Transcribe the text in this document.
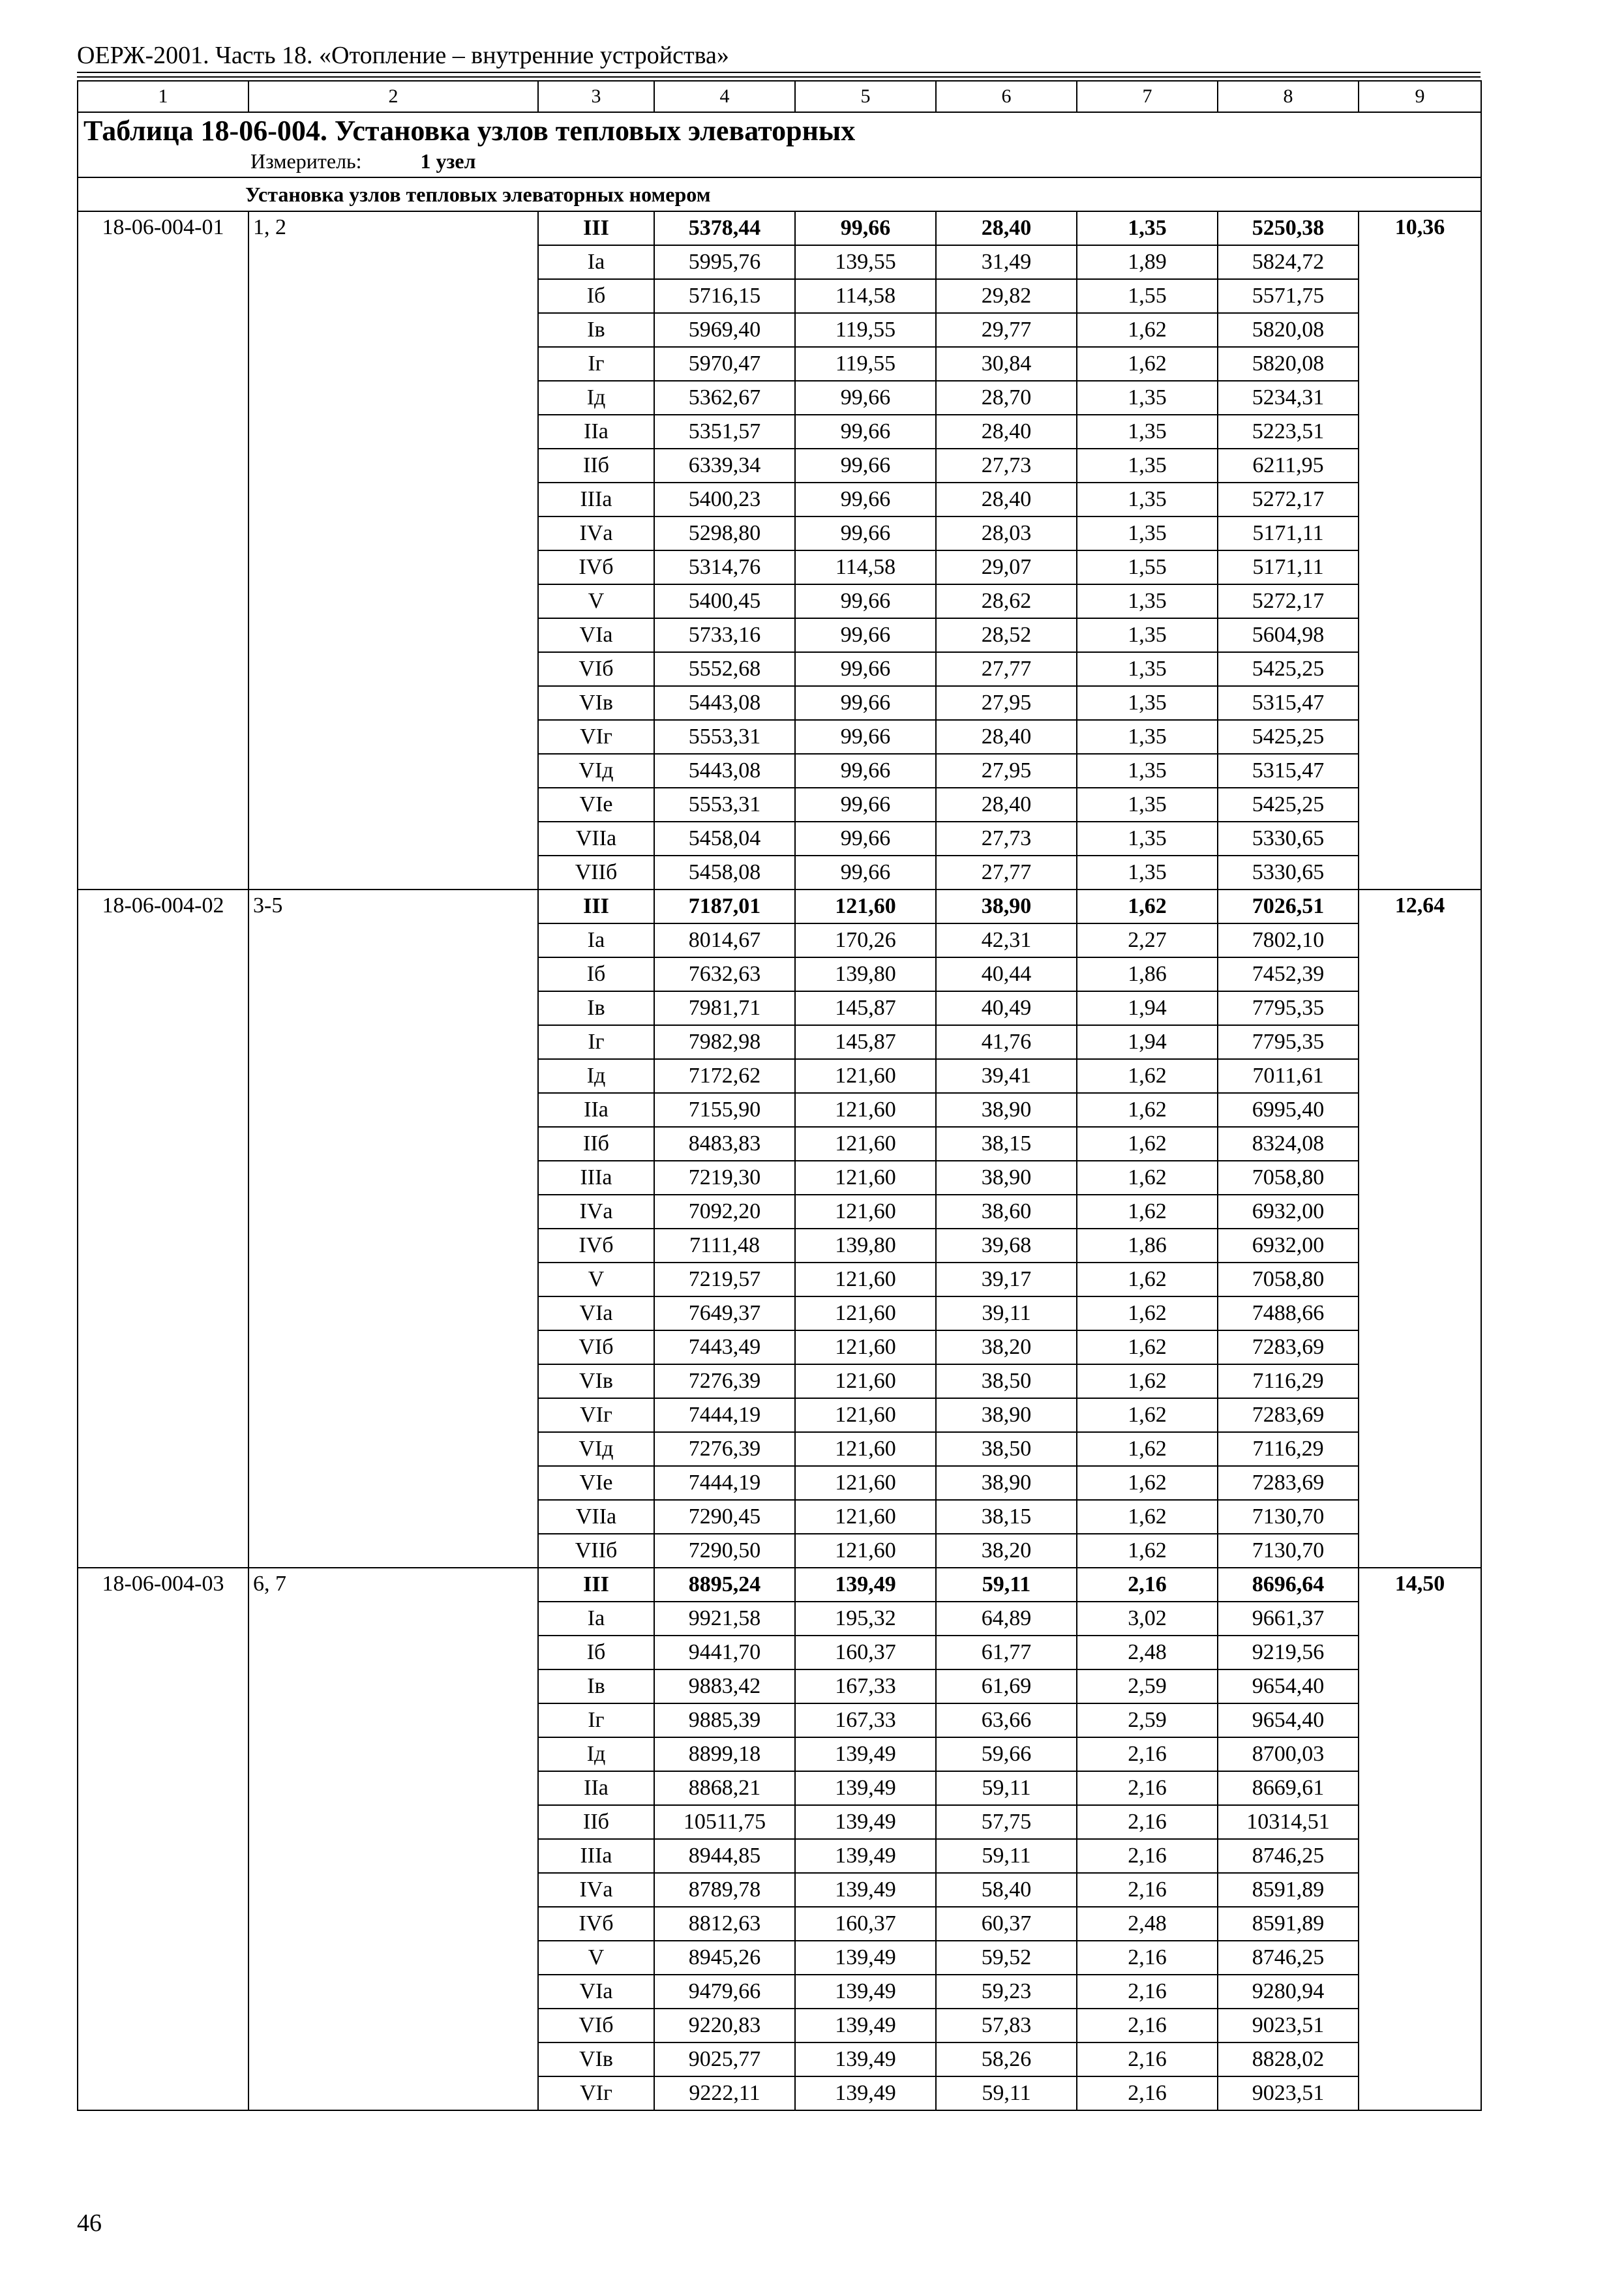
ОЕРЖ-2001. Часть 18. «Отопление – внутренние устройства»
1	2	3	4	5	6	7	8	9

Таблица 18-06-004. Установка узлов тепловых элеваторных
Измеритель: 1 узел								

Установка узлов тепловых элеваторных номером								
18-06-004-01	1, 2	III	5378,44	99,66	28,40	1,35	5250,38	10,36
		Iа	5995,76	139,55	31,49	1,89	5824,72	
		Iб	5716,15	114,58	29,82	1,55	5571,75	
		Iв	5969,40	119,55	29,77	1,62	5820,08	
		Iг	5970,47	119,55	30,84	1,62	5820,08	
		Iд	5362,67	99,66	28,70	1,35	5234,31	
		IIа	5351,57	99,66	28,40	1,35	5223,51	
		IIб	6339,34	99,66	27,73	1,35	6211,95	
		IIIа	5400,23	99,66	28,40	1,35	5272,17	
		IVа	5298,80	99,66	28,03	1,35	5171,11	
		IVб	5314,76	114,58	29,07	1,55	5171,11	
		V	5400,45	99,66	28,62	1,35	5272,17	
		VIа	5733,16	99,66	28,52	1,35	5604,98	
		VIб	5552,68	99,66	27,77	1,35	5425,25	
		VIв	5443,08	99,66	27,95	1,35	5315,47	
		VIг	5553,31	99,66	28,40	1,35	5425,25	
		VIд	5443,08	99,66	27,95	1,35	5315,47	
		VIе	5553,31	99,66	28,40	1,35	5425,25	
		VIIа	5458,04	99,66	27,73	1,35	5330,65	
		VIIб	5458,08	99,66	27,77	1,35	5330,65	
18-06-004-02	3-5	III	7187,01	121,60	38,90	1,62	7026,51	12,64
		Iа	8014,67	170,26	42,31	2,27	7802,10	
		Iб	7632,63	139,80	40,44	1,86	7452,39	
		Iв	7981,71	145,87	40,49	1,94	7795,35	
		Iг	7982,98	145,87	41,76	1,94	7795,35	
		Iд	7172,62	121,60	39,41	1,62	7011,61	
		IIа	7155,90	121,60	38,90	1,62	6995,40	
		IIб	8483,83	121,60	38,15	1,62	8324,08	
		IIIа	7219,30	121,60	38,90	1,62	7058,80	
		IVа	7092,20	121,60	38,60	1,62	6932,00	
		IVб	7111,48	139,80	39,68	1,86	6932,00	
		V	7219,57	121,60	39,17	1,62	7058,80	
		VIа	7649,37	121,60	39,11	1,62	7488,66	
		VIб	7443,49	121,60	38,20	1,62	7283,69	
		VIв	7276,39	121,60	38,50	1,62	7116,29	
		VIг	7444,19	121,60	38,90	1,62	7283,69	
		VIд	7276,39	121,60	38,50	1,62	7116,29	
		VIе	7444,19	121,60	38,90	1,62	7283,69	
		VIIа	7290,45	121,60	38,15	1,62	7130,70	
		VIIб	7290,50	121,60	38,20	1,62	7130,70	
18-06-004-03	6, 7	III	8895,24	139,49	59,11	2,16	8696,64	14,50
		Iа	9921,58	195,32	64,89	3,02	9661,37	
		Iб	9441,70	160,37	61,77	2,48	9219,56	
		Iв	9883,42	167,33	61,69	2,59	9654,40	
		Iг	9885,39	167,33	63,66	2,59	9654,40	
		Iд	8899,18	139,49	59,66	2,16	8700,03	
		IIа	8868,21	139,49	59,11	2,16	8669,61	
		IIб	10511,75	139,49	57,75	2,16	10314,51	
		IIIа	8944,85	139,49	59,11	2,16	8746,25	
		IVа	8789,78	139,49	58,40	2,16	8591,89	
		IVб	8812,63	160,37	60,37	2,48	8591,89	
		V	8945,26	139,49	59,52	2,16	8746,25	
		VIа	9479,66	139,49	59,23	2,16	9280,94	
		VIб	9220,83	139,49	57,83	2,16	9023,51	
		VIв	9025,77	139,49	58,26	2,16	8828,02	
		VIг	9222,11	139,49	59,11	2,16	9023,51	
46
